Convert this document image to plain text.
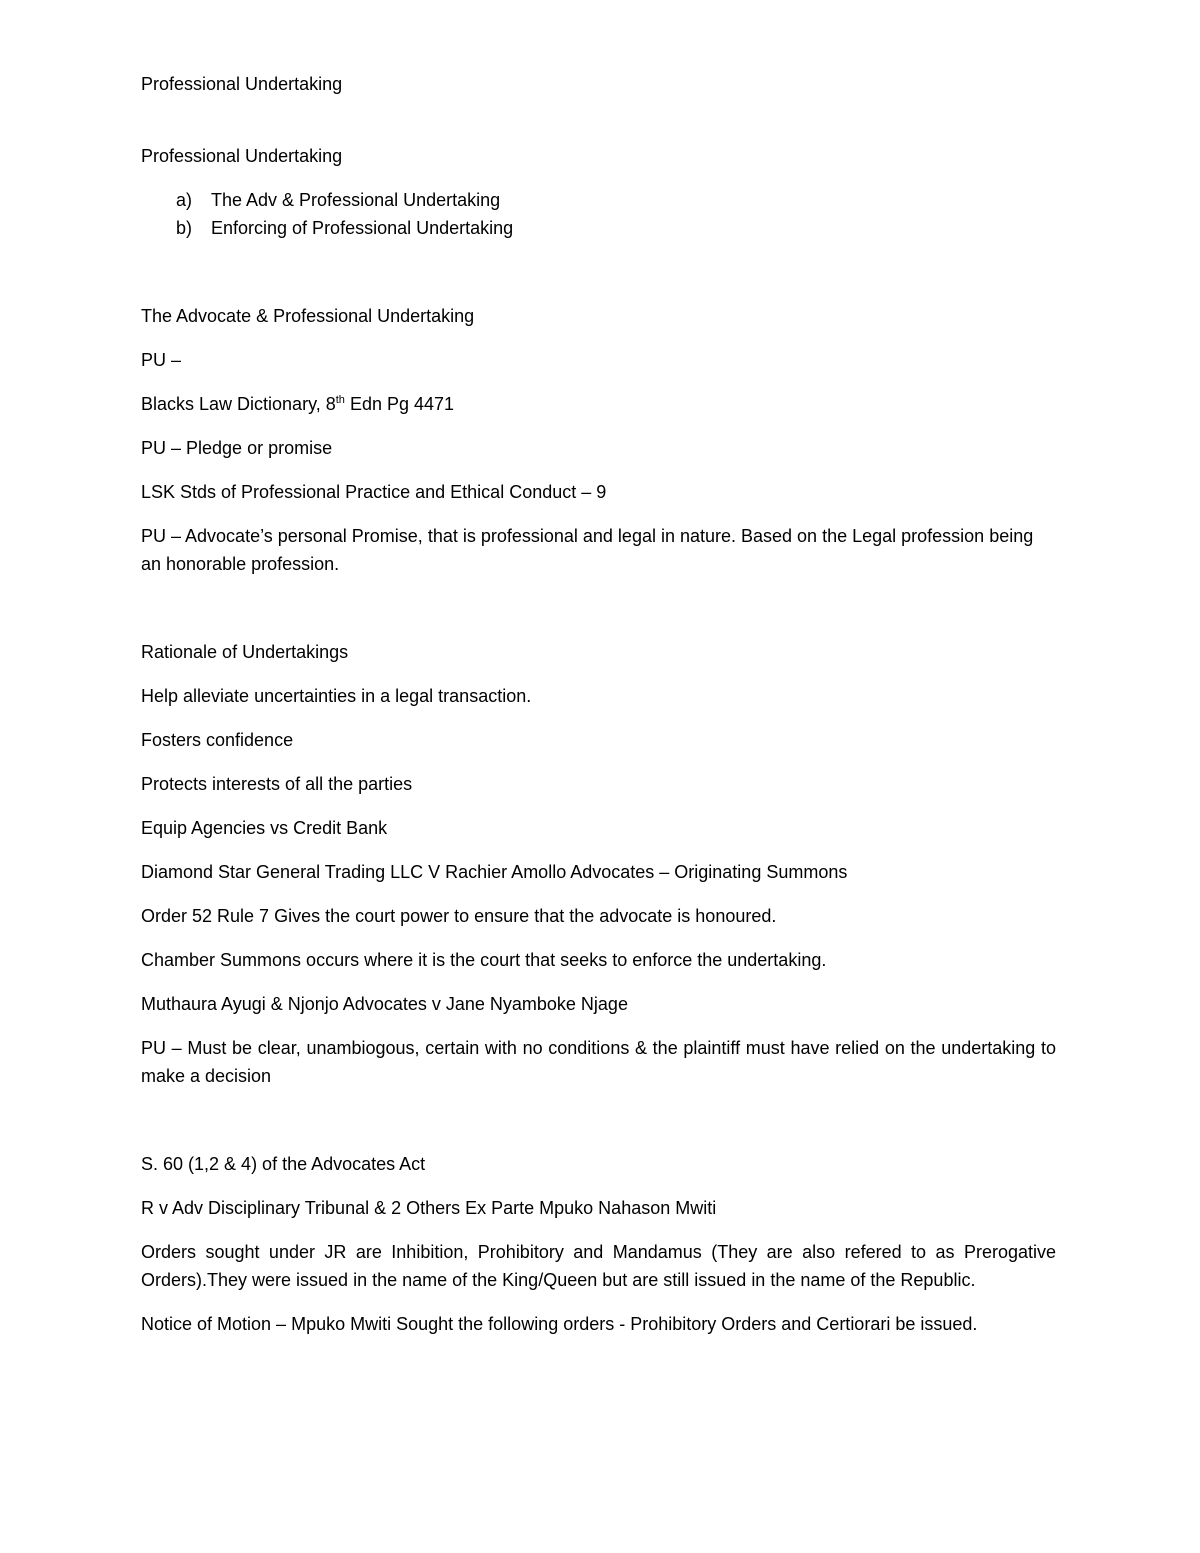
Professional Undertaking

Professional Undertaking

a) The Adv & Professional Undertaking
b) Enforcing of Professional Undertaking

The Advocate & Professional Undertaking

PU –

Blacks Law Dictionary, 8th Edn Pg 4471

PU – Pledge or promise

LSK Stds of Professional Practice and Ethical Conduct – 9

PU – Advocate’s personal Promise, that is professional and legal in nature. Based on the Legal profession being an honorable profession.

Rationale of Undertakings

Help alleviate uncertainties in a legal transaction.

Fosters confidence

Protects interests of all the parties

Equip Agencies vs Credit Bank

Diamond Star General Trading LLC V Rachier Amollo Advocates – Originating Summons

Order 52 Rule 7 Gives the court power to ensure that the advocate is honoured.

Chamber Summons occurs where it is the court that seeks to enforce the undertaking.

Muthaura Ayugi & Njonjo Advocates v Jane Nyamboke Njage

PU – Must be clear, unambiogous, certain with no conditions & the plaintiff must have relied on the undertaking to make a decision

S. 60 (1,2 & 4) of the Advocates Act

R v Adv Disciplinary Tribunal & 2 Others Ex Parte Mpuko Nahason Mwiti

Orders sought under JR are Inhibition, Prohibitory and Mandamus (They are also refered to as Prerogative Orders).They were issued in the name of the King/Queen but are still issued in the name of the Republic.

Notice of Motion – Mpuko Mwiti Sought the following orders - Prohibitory Orders and Certiorari be issued.
